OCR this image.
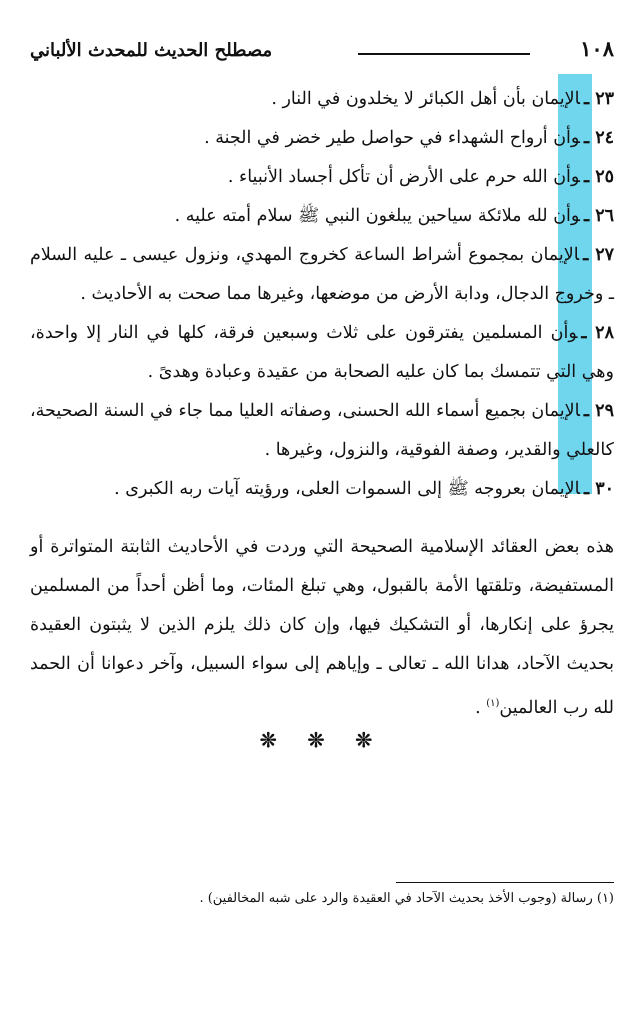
١٠٨
مصطلح الحديث للمحدث الألباني

٢٣ ـالإيمان بأن أهل الكبائر لا يخلدون في النار .

٢٤ ـوأن أرواح الشهداء في حواصل طير خضر في الجنة .

٢٥ ـوأن الله حرم على الأرض أن تأكل أجساد الأنبياء .

٢٦ ـوأن لله ملائكة سياحين يبلغون النبي ﷺ سلام أمته عليه .

٢٧ ـالإيمان بمجموع أشراط الساعة كخروج المهدي، ونزول عيسى ـ عليه السلام ـ وخروج الدجال، ودابة الأرض من موضعها، وغيرها مما صحت به الأحاديث .

٢٨ ـوأن المسلمين يفترقون على ثلاث وسبعين فرقة، كلها في النار إلا واحدة، وهي التي تتمسك بما كان عليه الصحابة من عقيدة وعبادة وهدىً .

٢٩ ـالإيمان بجميع أسماء الله الحسنى، وصفاته العليا مما جاء في السنة الصحيحة، كالعلي والقدير، وصفة الفوقية، والنزول، وغيرها .

٣٠ ـالإيمان بعروجه ﷺ إلى السموات العلى، ورؤيته آيات ربه الكبرى .

هذه بعض العقائد الإسلامية الصحيحة التي وردت في الأحاديث الثابتة المتواترة أو المستفيضة، وتلقتها الأمة بالقبول، وهي تبلغ المئات، وما أظن أحداً من المسلمين يجرؤ على إنكارها، أو التشكيك فيها، وإن كان ذلك يلزم الذين لا يثبتون العقيدة بحديث الآحاد، هدانا الله ـ تعالى ـ وإياهم إلى سواء السبيل، وآخر دعوانا أن الحمد لله رب العالمين$^{(١)}$ .

❊ ❊ ❊
(١) رسالة (وجوب الأخذ بحديث الآحاد في العقيدة والرد على شبه المخالفين) .
